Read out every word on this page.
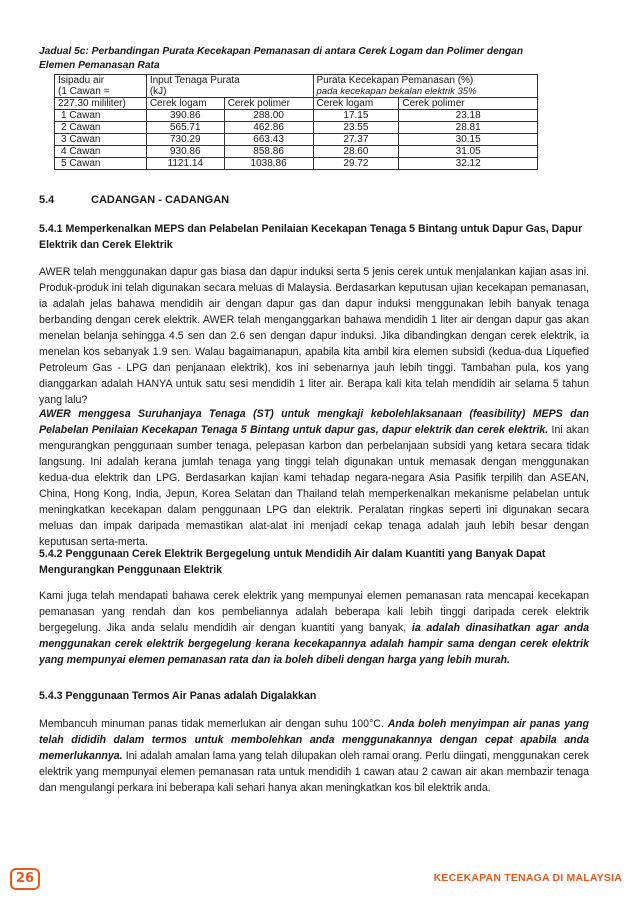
Jadual 5c: Perbandingan Purata Kecekapan Pemanasan di antara Cerek Logam dan Polimer dengan
Elemen Pemanasan Rata
Isipadu air	Input Tenaga Purata		Purata Kecekapan Pemanasan (%)	
(1 Cawan =	(kJ)		pada kecekapan bekalan elektrik 35%	
227.30 mililiter)	Cerek logam	Cerek polimer	Cerek logam	Cerek polimer
1 Cawan	390.86	288.00	17.15	23.18
2 Cawan	565.71	462.86	23.55	28.81
3 Cawan	730.29	663.43	27.37	30.15
4 Cawan	930.86	858.86	28.60	31.05
5 Cawan	1121.14	1038.86	29.72	32.12
5.4	CADANGAN - CADANGAN
5.4.1 Memperkenalkan MEPS dan Pelabelan Penilaian Kecekapan Tenaga 5 Bintang untuk Dapur Gas, Dapur Elektrik dan Cerek Elektrik

AWER telah menggunakan dapur gas biasa dan dapur induksi serta 5 jenis cerek untuk menjalankan kajian asas ini. Produk-produk ini telah digunakan secara meluas di Malaysia. Berdasarkan keputusan ujian kecekapan pemanasan, ia adalah jelas bahawa mendidih air dengan dapur gas dan dapur induksi menggunakan lebih banyak tenaga berbanding dengan cerek elektrik. AWER telah menganggarkan bahawa mendidih 1 liter air dengan dapur gas akan menelan belanja sehingga 4.5 sen dan 2.6 sen dengan dapur induksi. Jika dibandingkan dengan cerek elektrik, ia menelan kos sebanyak 1.9 sen. Walau bagaimanapun, apabila kita ambil kira elemen subsidi (kedua-dua Liquefied Petroleum Gas - LPG dan penjanaan elektrik), kos ini sebenarnya jauh lebih tinggi. Tambahan pula, kos yang dianggarkan adalah HANYA untuk satu sesi mendidih 1 liter air. Berapa kali kita telah mendidih air selama 5 tahun yang lalu?

AWER menggesa Suruhanjaya Tenaga (ST) untuk mengkaji kebolehlaksanaan (feasibility) MEPS dan Pelabelan Penilaian Kecekapan Tenaga 5 Bintang untuk dapur gas, dapur elektrik dan cerek elektrik. Ini akan mengurangkan penggunaan sumber tenaga, pelepasan karbon dan perbelanjaan subsidi yang ketara secara tidak langsung. Ini adalah kerana jumlah tenaga yang tinggi telah digunakan untuk memasak dengan menggunakan kedua-dua elektrik dan LPG. Berdasarkan kajian kami tehadap negara-negara Asia Pasifik terpilih dan ASEAN, China, Hong Kong, India, Jepun, Korea Selatan dan Thailand telah memperkenalkan mekanisme pelabelan untuk meningkatkan kecekapan dalam penggunaan LPG dan elektrik. Peralatan ringkas seperti ini digunakan secara meluas dan impak daripada memastikan alat-alat ini menjadi cekap tenaga adalah jauh lebih besar dengan keputusan serta-merta.

5.4.2 Penggunaan Cerek Elektrik Bergegelung untuk Mendidih Air dalam Kuantiti yang Banyak Dapat Mengurangkan Penggunaan Elektrik

Kami juga telah mendapati bahawa cerek elektrik yang mempunyai elemen pemanasan rata mencapai kecekapan pemanasan yang rendah dan kos pembeliannya adalah beberapa kali lebih tinggi daripada cerek elektrik bergegelung. Jika anda selalu mendidih air dengan kuantiti yang banyak, ia adalah dinasihatkan agar anda menggunakan cerek elektrik bergegelung kerana kecekapannya adalah hampir sama dengan cerek elektrik yang mempunyai elemen pemanasan rata dan ia boleh dibeli dengan harga yang lebih murah.

5.4.3 Penggunaan Termos Air Panas adalah Digalakkan

Membancuh minuman panas tidak memerlukan air dengan suhu 100°C. Anda boleh menyimpan air panas yang telah dididih dalam termos untuk membolehkan anda menggunakannya dengan cepat apabila anda memerlukannya. Ini adalah amalan lama yang telah dilupakan oleh ramai orang. Perlu diingati, menggunakan cerek elektrik yang mempunyai elemen pemanasan rata untuk mendidih 1 cawan atau 2 cawan air akan membazir tenaga dan mengulangi perkara ini beberapa kali sehari hanya akan meningkatkan kos bil elektrik anda.

26	KECEKAPAN TENAGA DI MALAYSIA
